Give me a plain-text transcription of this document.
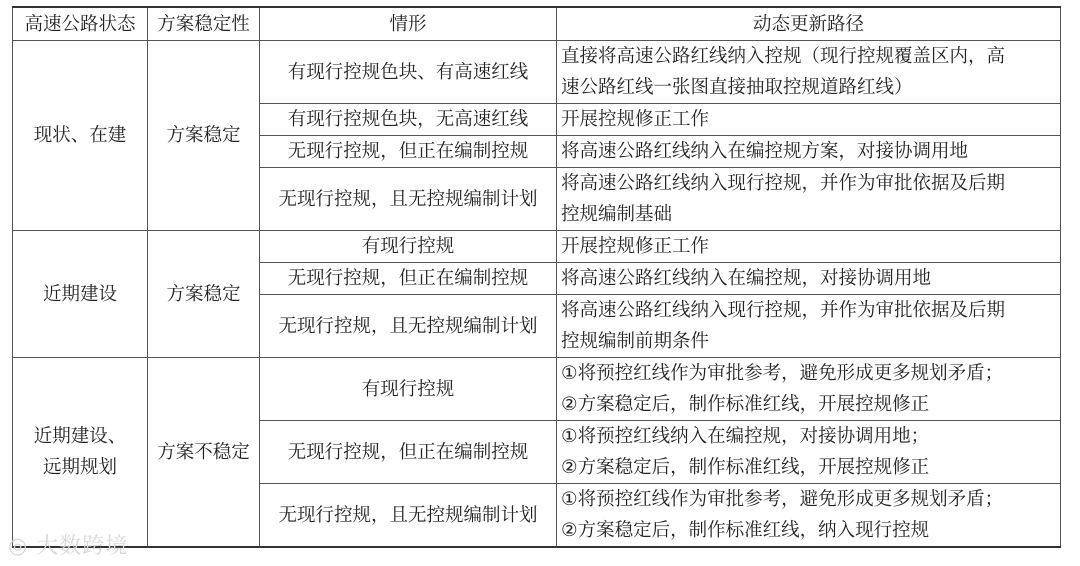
高速公路状态	方案稳定性	情形	动态更新路径
现状、在建	方案稳定	有现行控规色块、有高速红线	直接将高速公路红线纳入控规（现行控规覆盖区内，高
速公路红线一张图直接抽取控规道路红线）

		有现行控规色块，无高速红线	开展控规修正工作
		无现行控规，但正在编制控规	将高速公路红线纳入在编控规方案，对接协调用地
		无现行控规，且无控规编制计划	将高速公路红线纳入现行控规，并作为审批依据及后期
控规编制基础

近期建设	方案稳定	有现行控规	开展控规修正工作
		无现行控规，但正在编制控规	将高速公路红线纳入在编控规，对接协调用地
		无现行控规，且无控规编制计划	将高速公路红线纳入现行控规，并作为审批依据及后期
控规编制前期条件

近期建设、
远期规划	方案不稳定	有现行控规	①将预控红线作为审批参考，避免形成更多规划矛盾；
②方案稳定后，制作标准红线，开展控规修正

		无现行控规，但正在编制控规	①将预控红线纳入在编控规，对接协调用地；
②方案稳定后，制作标准红线，开展控规修正

		无现行控规，且无控规编制计划	①将预控红线作为审批参考，避免形成更多规划矛盾；
②方案稳定后，制作标准红线，纳入现行控规
◎ 大数跨境
